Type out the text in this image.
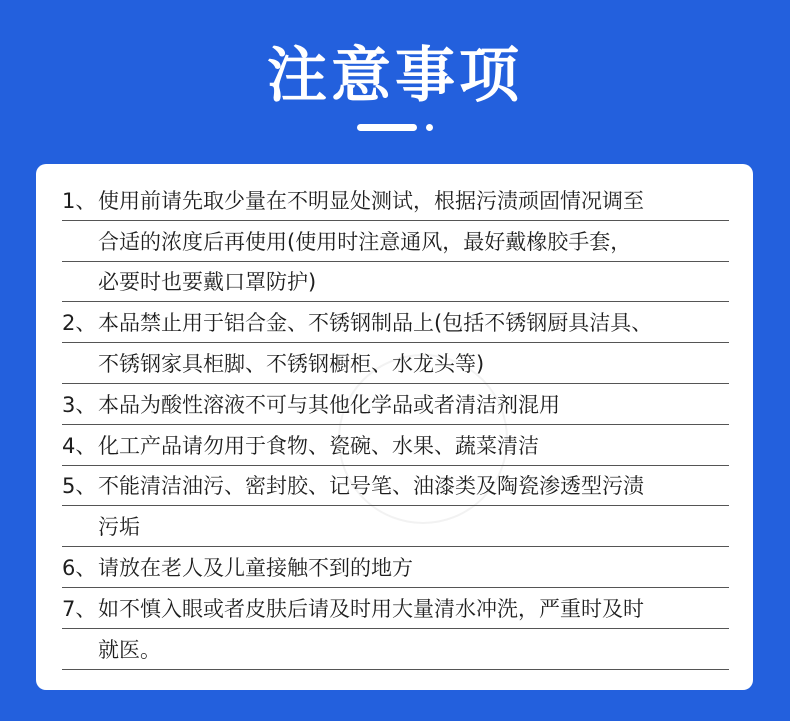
注意事项
1、 使用前请先取少量在不明显处测试，根据污渍顽固情况调至
合适的浓度后再使用(使用时注意通风，最好戴橡胶手套，
必要时也要戴口罩防护)
2、 本品禁止用于铝合金、不锈钢制品上(包括不锈钢厨具洁具、
不锈钢家具柜脚、不锈钢橱柜、水龙头等)
3、 本品为酸性溶液不可与其他化学品或者清洁剂混用
4、 化工产品请勿用于食物、瓷碗、水果、蔬菜清洁
5、 不能清洁油污、密封胶、记号笔、油漆类及陶瓷渗透型污渍
污垢
6、 请放在老人及儿童接触不到的地方
7、 如不慎入眼或者皮肤后请及时用大量清水冲洗，严重时及时
就医。
